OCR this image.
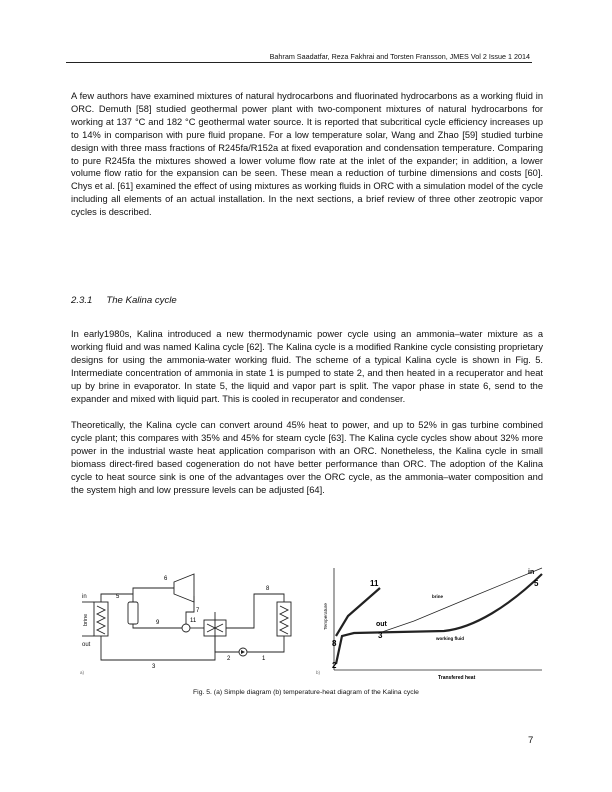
Bahram Saadatfar, Reza Fakhrai and Torsten Fransson, JMES Vol 2 Issue 1 2014

A few authors have examined mixtures of natural hydrocarbons and fluorinated hydrocarbons as a working fluid in ORC. Demuth [58] studied geothermal power plant with two-component mixtures of natural hydrocarbons for working at 137 °C and 182 °C geothermal water source. It is reported that subcritical cycle efficiency increases up to 14% in comparison with pure fluid propane. For a low temperature solar, Wang and Zhao [59] studied turbine design with three mass fractions of R245fa/R152a at fixed evaporation and condensation temperature. Comparing to pure R245fa the mixtures showed a lower volume flow rate at the inlet of the expander; in addition, a lower volume flow ratio for the expansion can be seen. These mean a reduction of turbine dimensions and costs [60]. Chys et al. [61] examined the effect of using mixtures as working fluids in ORC with a simulation model of the cycle including all elements of an actual installation. In the next sections, a brief review of three other zeotropic vapor cycles is described.

2.3.1 The Kalina cycle

In early1980s, Kalina introduced a new thermodynamic power cycle using an ammonia–water mixture as a working fluid and was named Kalina cycle [62]. The Kalina cycle is a modified Rankine cycle consisting proprietary designs for using the ammonia-water working fluid. The scheme of a typical Kalina cycle is shown in Fig. 5. Intermediate concentration of ammonia in state 1 is pumped to state 2, and then heated in a recuperator and heat up by brine in evaporator. In state 5, the liquid and vapor part is split. The vapor phase in state 6, send to the expander and mixed with liquid part. This is cooled in recuperator and condenser.

Theoretically, the Kalina cycle can convert around 45% heat to power, and up to 52% in gas turbine combined cycle plant; this compares with 35% and 45% for steam cycle [63]. The Kalina cycle cycles show about 32% more power in the industrial waste heat application comparison with an ORC. Nonetheless, the Kalina cycle in small biomass direct-fired based cogeneration do not have better performance than ORC. The adoption of the Kalina cycle to heat source sink is one of the advantages over the ORC cycle, as the ammonia–water composition and the system high and low pressure levels can be adjusted [64].

in
out
brine
a)
5
6
7
9	11
8
2	1
3
Temperature
Transfered heat
brine
working fluid
in
out
11
3
5
8
2
b)

Fig. 5. (a) Simple diagram (b) temperature-heat diagram of the Kalina cycle

7
